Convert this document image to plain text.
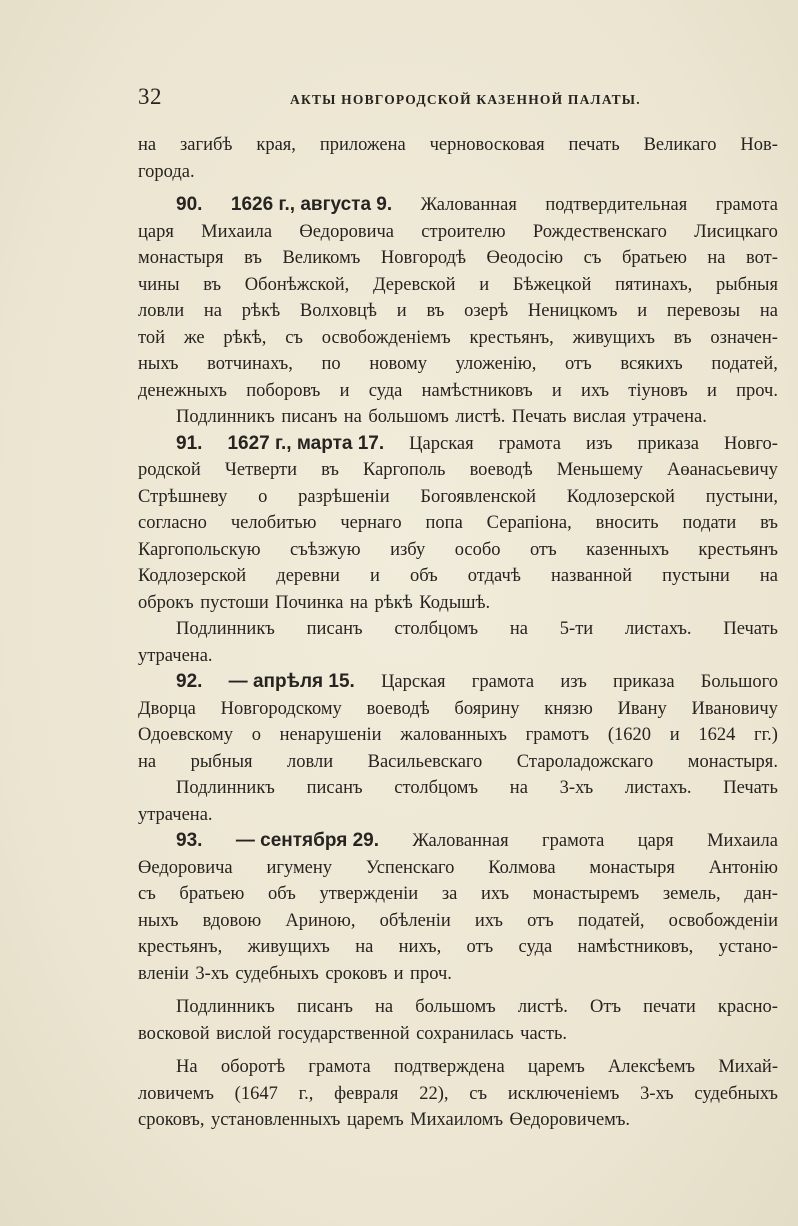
32	АКТЫ НОВГОРОДСКОЙ КАЗЕННОЙ ПАЛАТЫ.
на загибѣ края, приложена черновосковая печать Великаго Нов-
города.
90. 1626 г., августа 9. Жалованная подтвердительная грамота
царя Михаила Өедоровича строителю Рождественскаго Лисицкаго
монастыря въ Великомъ Новгородѣ Өеодосію съ братьею на вот-
чины въ Обонѣжской, Деревской и Бѣжецкой пятинахъ, рыбныя
ловли на рѣкѣ Волховцѣ и въ озерѣ Неницкомъ и перевозы на
той же рѣкѣ, съ освобожденіемъ крестьянъ, живущихъ въ означен-
ныхъ вотчинахъ, по новому уложенію, отъ всякихъ податей,
денежныхъ поборовъ и суда намѣстниковъ и ихъ тіуновъ и проч.
Подлинникъ писанъ на большомъ листѣ. Печать вислая утрачена.
91. 1627 г., марта 17. Царская грамота изъ приказа Новго-
родской Четверти въ Каргополь воеводѣ Меньшему Аөанасьевичу
Стрѣшневу о разрѣшеніи Богоявленской Кодлозерской пустыни,
согласно челобитью чернаго попа Серапіона, вносить подати въ
Каргопольскую съѣзжую избу особо отъ казенныхъ крестьянъ
Кодлозерской деревни и объ отдачѣ названной пустыни на
оброкъ пустоши Починка на рѣкѣ Кодышѣ.
Подлинникъ писанъ столбцомъ на 5-ти листахъ. Печать
утрачена.
92. — апрѣля 15. Царская грамота изъ приказа Большого
Дворца Новгородскому воеводѣ боярину князю Ивану Ивановичу
Одоевскому о ненарушеніи жалованныхъ грамотъ (1620 и 1624 гг.)
на рыбныя ловли Васильевскаго Староладожскаго монастыря.
Подлинникъ писанъ столбцомъ на 3-хъ листахъ. Печать
утрачена.
93. — сентября 29. Жалованная грамота царя Михаила
Өедоровича игумену Успенскаго Колмова монастыря Антонію
съ братьею объ утвержденіи за ихъ монастыремъ земель, дан-
ныхъ вдовою Ариною, обѣленіи ихъ отъ податей, освобожденіи
крестьянъ, живущихъ на нихъ, отъ суда намѣстниковъ, устано-
вленіи 3-хъ судебныхъ сроковъ и проч.
Подлинникъ писанъ на большомъ листѣ. Отъ печати красно-
восковой вислой государственной сохранилась часть.
На оборотѣ грамота подтверждена царемъ Алексѣемъ Михай-
ловичемъ (1647 г., февраля 22), съ исключеніемъ 3-хъ судебныхъ
сроковъ, установленныхъ царемъ Михаиломъ Өедоровичемъ.
